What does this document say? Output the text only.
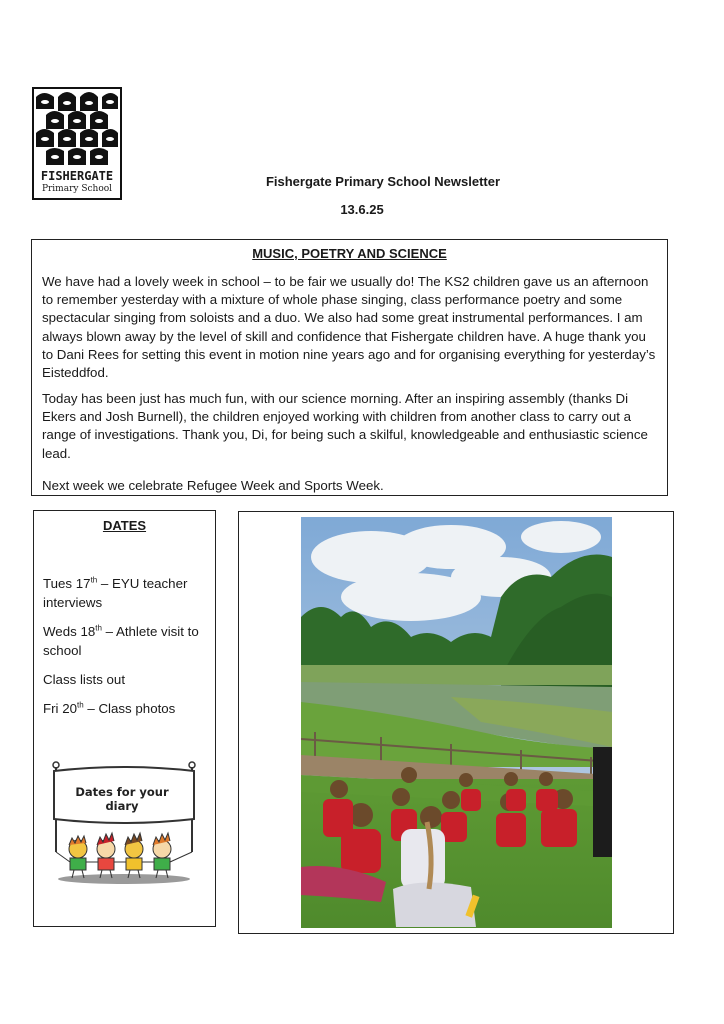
FISHERGATE
Primary School	Fishergate Primary School Newsletter
13.6.25
MUSIC, POETRY AND SCIENCE

We have had a lovely week in school – to be fair we usually do! The KS2 children gave us an afternoon to remember yesterday with a mixture of whole phase singing, class performance poetry and some spectacular singing from soloists and a duo. We also had some great instrumental performances. I am always blown away by the level of skill and confidence that Fishergate children have. A huge thank you to Dani Rees for setting this event in motion nine years ago and for organising everything for yesterday’s Eisteddfod.

Today has been just has much fun, with our science morning. After an inspiring assembly (thanks Di Ekers and Josh Burnell), the children enjoyed working with children from another class to carry out a range of investigations. Thank you, Di, for being such a skilful, knowledgeable and enthusiastic science lead.

Next week we celebrate Refugee Week and Sports Week.

DATES
Tues 17th – EYU teacher interviews
Weds 18th – Athlete visit to school
Class lists out
Fri 20th – Class photos
Dates for your diary
